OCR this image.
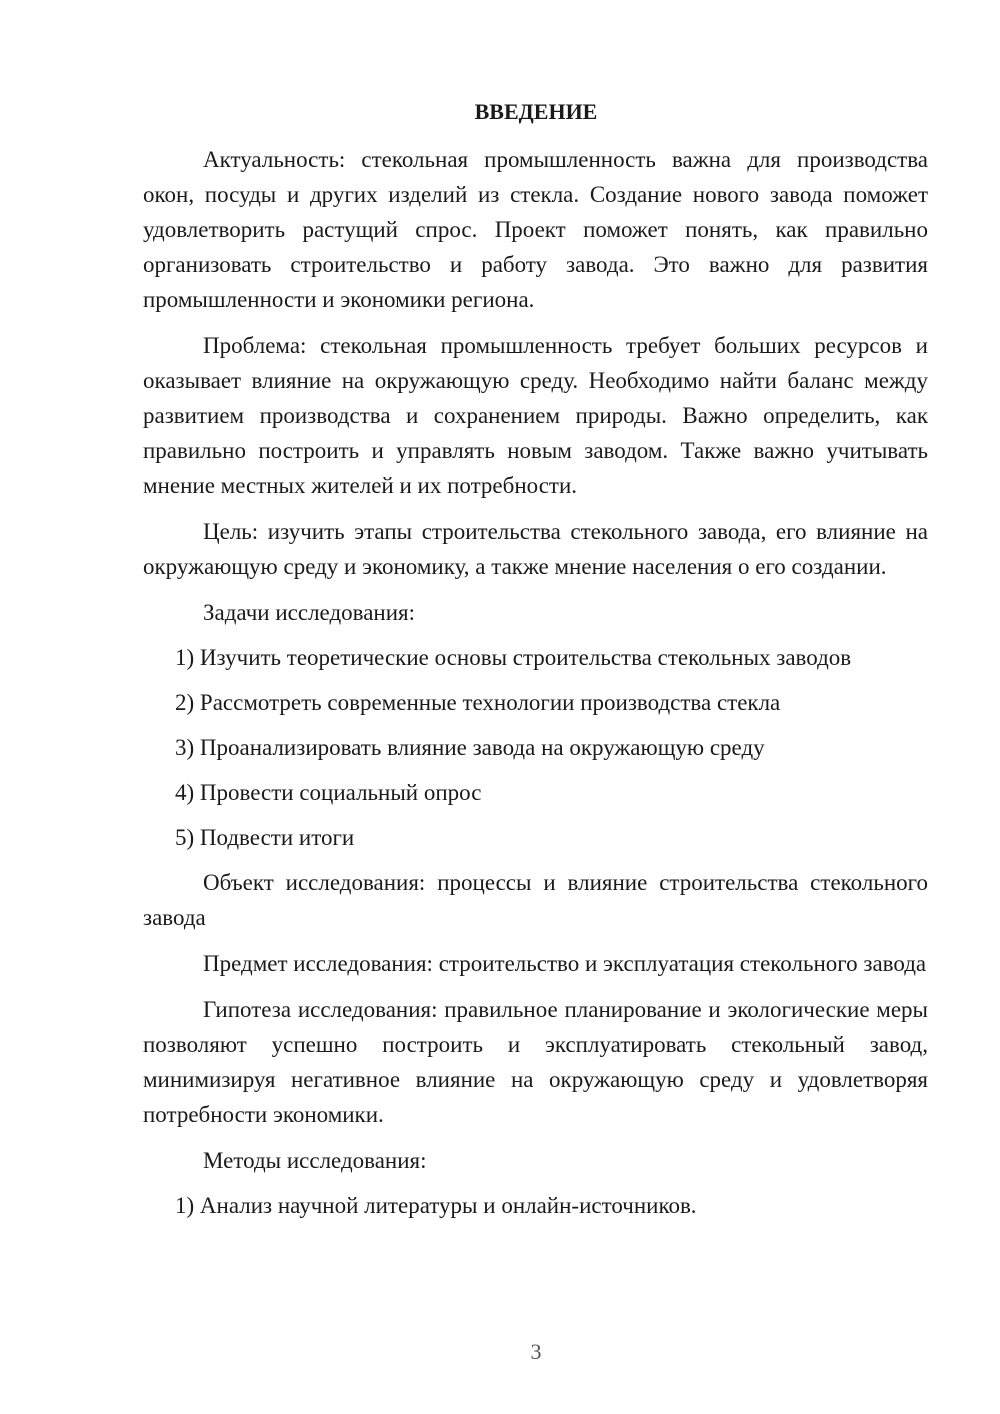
ВВЕДЕНИЕ

Актуальность: стекольная промышленность важна для производства окон, посуды и других изделий из стекла. Создание нового завода поможет удовлетворить растущий спрос. Проект поможет понять, как правильно организовать строительство и работу завода. Это важно для развития промышленности и экономики региона.

Проблема: стекольная промышленность требует больших ресурсов и оказывает влияние на окружающую среду. Необходимо найти баланс между развитием производства и сохранением природы. Важно определить, как правильно построить и управлять новым заводом. Также важно учитывать мнение местных жителей и их потребности.

Цель: изучить этапы строительства стекольного завода, его влияние на окружающую среду и экономику, а также мнение населения о его создании.

Задачи исследования:

1) Изучить теоретические основы строительства стекольных заводов

2) Рассмотреть современные технологии производства стекла

3) Проанализировать влияние завода на окружающую среду

4) Провести социальный опрос

5) Подвести итоги

Объект исследования: процессы и влияние строительства стекольного завода

Предмет исследования: строительство и эксплуатация стекольного завода

Гипотеза исследования: правильное планирование и экологические меры позволяют успешно построить и эксплуатировать стекольный завод, минимизируя негативное влияние на окружающую среду и удовлетворяя потребности экономики.

Методы исследования:

1) Анализ научной литературы и онлайн-источников.

3
